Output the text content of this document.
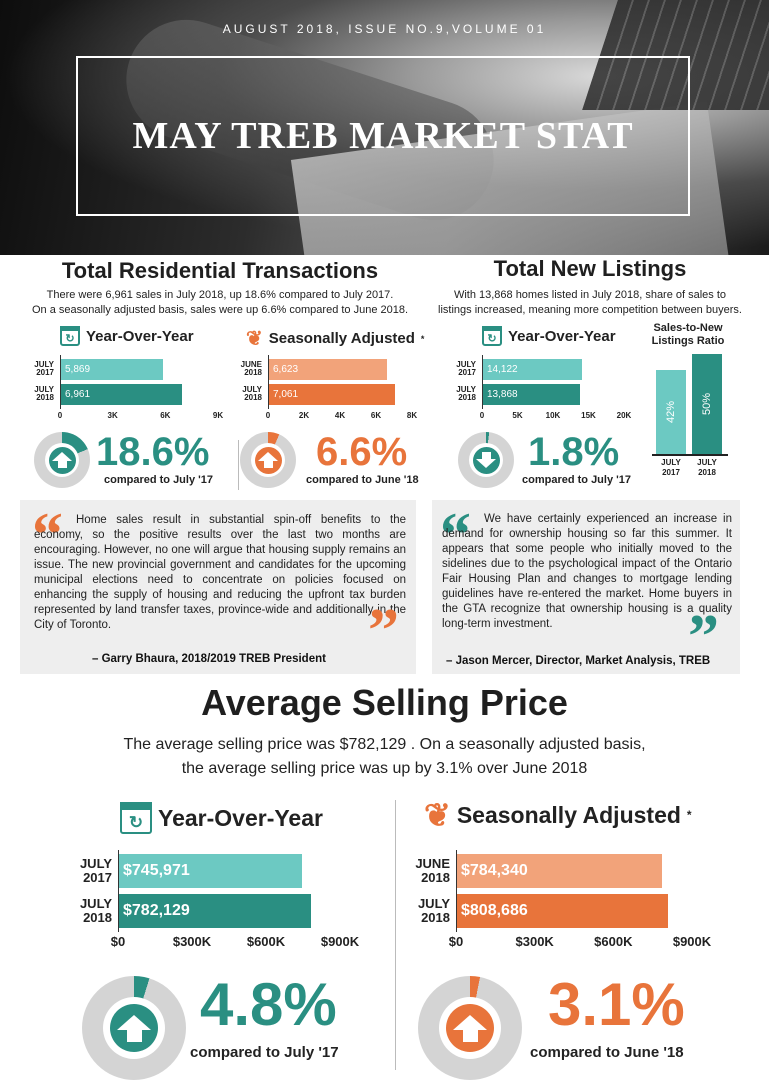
AUGUST 2018, ISSUE NO.9,VOLUME 01
MAY TREB MARKET STAT
Total Residential Transactions
There were 6,961 sales in July 2018, up 18.6% compared to July 2017.
On a seasonally adjusted basis, sales were up 6.6% compared to June 2018.
↻ Year-Over-Year
JULY
2017	5,869
JULY
2018	6,961
0	3K	6K	9K
❦ Seasonally Adjusted *
JUNE
2018	6,623
JULY
2018	7,061
0	2K	4K	6K	8K
18.6%
compared to July '17
6.6%
compared to June '18
Total New Listings
With 13,868 homes listed in July 2018, share of sales to
listings increased, meaning more competition between buyers.
↻ Year-Over-Year
JULY
2017	14,122
JULY
2018	13,868
0	5K	10K	15K	20K
Sales-to-New
Listings Ratio
42%
JULY
2017
50%
JULY
2018
1.8%
compared to July '17
“	Home sales result in substantial spin-off benefits to the economy, so the positive results over the last two months are encouraging. However, no one will argue that housing supply remains an issue. The new provincial government and candidates for the upcoming municipal elections need to concentrate on policies focused on enhancing the supply of housing and reducing the upfront tax burden represented by land transfer taxes, province-wide and additionally in the City of Toronto.	”
– Garry Bhaura, 2018/2019 TREB President
“	We have certainly experienced an increase in demand for ownership housing so far this summer. It appears that some people who initially moved to the sidelines due to the psychological impact of the Ontario Fair Housing Plan and changes to mortgage lending guidelines have re-entered the market. Home buyers in the GTA recognize that ownership housing is a quality long-term investment.	”
– Jason Mercer, Director, Market Analysis, TREB
Average Selling Price
The average selling price was $782,129 . On a seasonally adjusted basis,
the average selling price was up by 3.1% over June 2018
↻ Year-Over-Year
JULY
2017 $745,971
JULY
2018 $782,129
$0	$300K	$600K	$900K
❦ Seasonally Adjusted *
JUNE
2018 $784,340
JULY
2018 $808,686
$0	$300K	$600K	$900K
4.8%
compared to July '17
3.1%
compared to June '18
